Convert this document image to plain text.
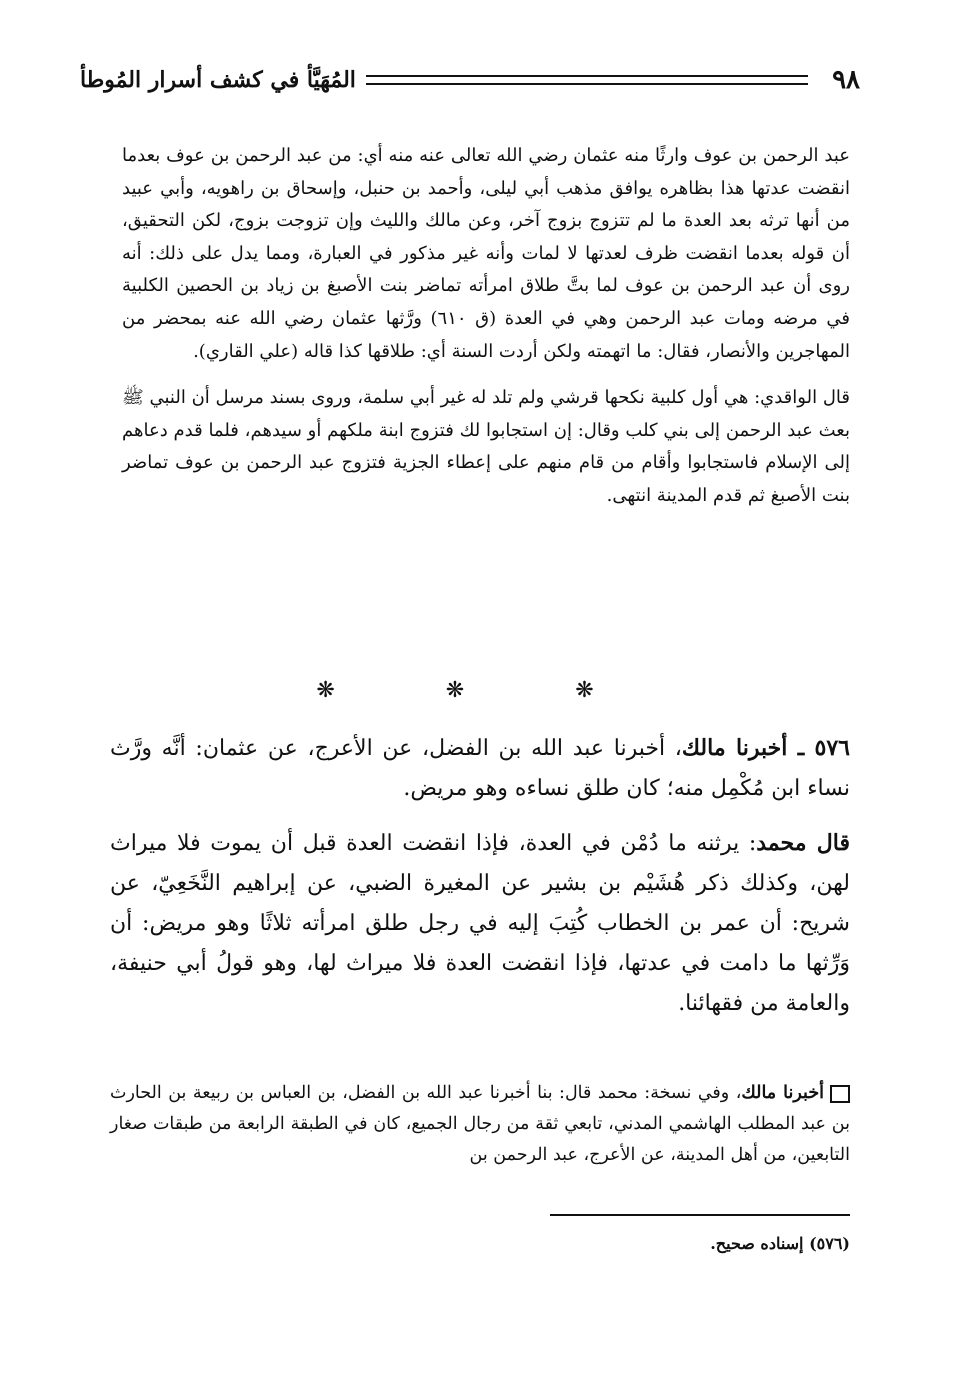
٩٨
المُهَيَّأ في كشف أسرار المُوطأ

عبد الرحمن بن عوف وارثًا منه عثمان رضي الله تعالى عنه منه أي: من عبد الرحمن بن عوف بعدما انقضت عدتها هذا بظاهره يوافق مذهب أبي ليلى، وأحمد بن حنبل، وإسحاق بن راهويه، وأبي عبيد من أنها ترثه بعد العدة ما لم تتزوج بزوج آخر، وعن مالك والليث وإن تزوجت بزوج، لكن التحقيق، أن قوله بعدما انقضت ظرف لعدتها لا لمات وأنه غير مذكور في العبارة، ومما يدل على ذلك: أنه روى أن عبد الرحمن بن عوف لما بتَّ طلاق امرأته تماضر بنت الأصبغ بن زياد بن الحصين الكلبية في مرضه ومات عبد الرحمن وهي في العدة (ق ٦١٠) ورَّثها عثمان رضي الله عنه بمحضر من المهاجرين والأنصار، فقال: ما اتهمته ولكن أردت السنة أي: طلاقها كذا قاله (علي القاري).

قال الواقدي: هي أول كلبية نكحها قرشي ولم تلد له غير أبي سلمة، وروى بسند مرسل أن النبي ﷺ بعث عبد الرحمن إلى بني كلب وقال: إن استجابوا لك فتزوج ابنة ملكهم أو سيدهم، فلما قدم دعاهم إلى الإسلام فاستجابوا وأقام من قام منهم على إعطاء الجزية فتزوج عبد الرحمن بن عوف تماضر بنت الأصبغ ثم قدم المدينة انتهى.

❋ ❋ ❋

٥٧٦ ـ أخبرنا مالك، أخبرنا عبد الله بن الفضل، عن الأعرج، عن عثمان: أنَّه ورَّث نساء ابن مُكْمِل منه؛ كان طلق نساءه وهو مريض.

قال محمد: يرثنه ما دُمْن في العدة، فإذا انقضت العدة قبل أن يموت فلا ميراث لهن، وكذلك ذكر هُشَيْم بن بشير عن المغيرة الضبي، عن إبراهيم النَّخَعِيّ، عن شريح: أن عمر بن الخطاب كُتِبَ إليه في رجل طلق امرأته ثلاثًا وهو مريض: أن وَرِّثها ما دامت في عدتها، فإذا انقضت العدة فلا ميراث لها، وهو قولُ أبي حنيفة، والعامة من فقهائنا.

أخبرنا مالك، وفي نسخة: محمد قال: بنا أخبرنا عبد الله بن الفضل، بن العباس بن ربيعة بن الحارث بن عبد المطلب الهاشمي المدني، تابعي ثقة من رجال الجميع، كان في الطبقة الرابعة من طبقات صغار التابعين، من أهل المدينة، عن الأعرج، عبد الرحمن بن

(٥٧٦) إسناده صحيح.
